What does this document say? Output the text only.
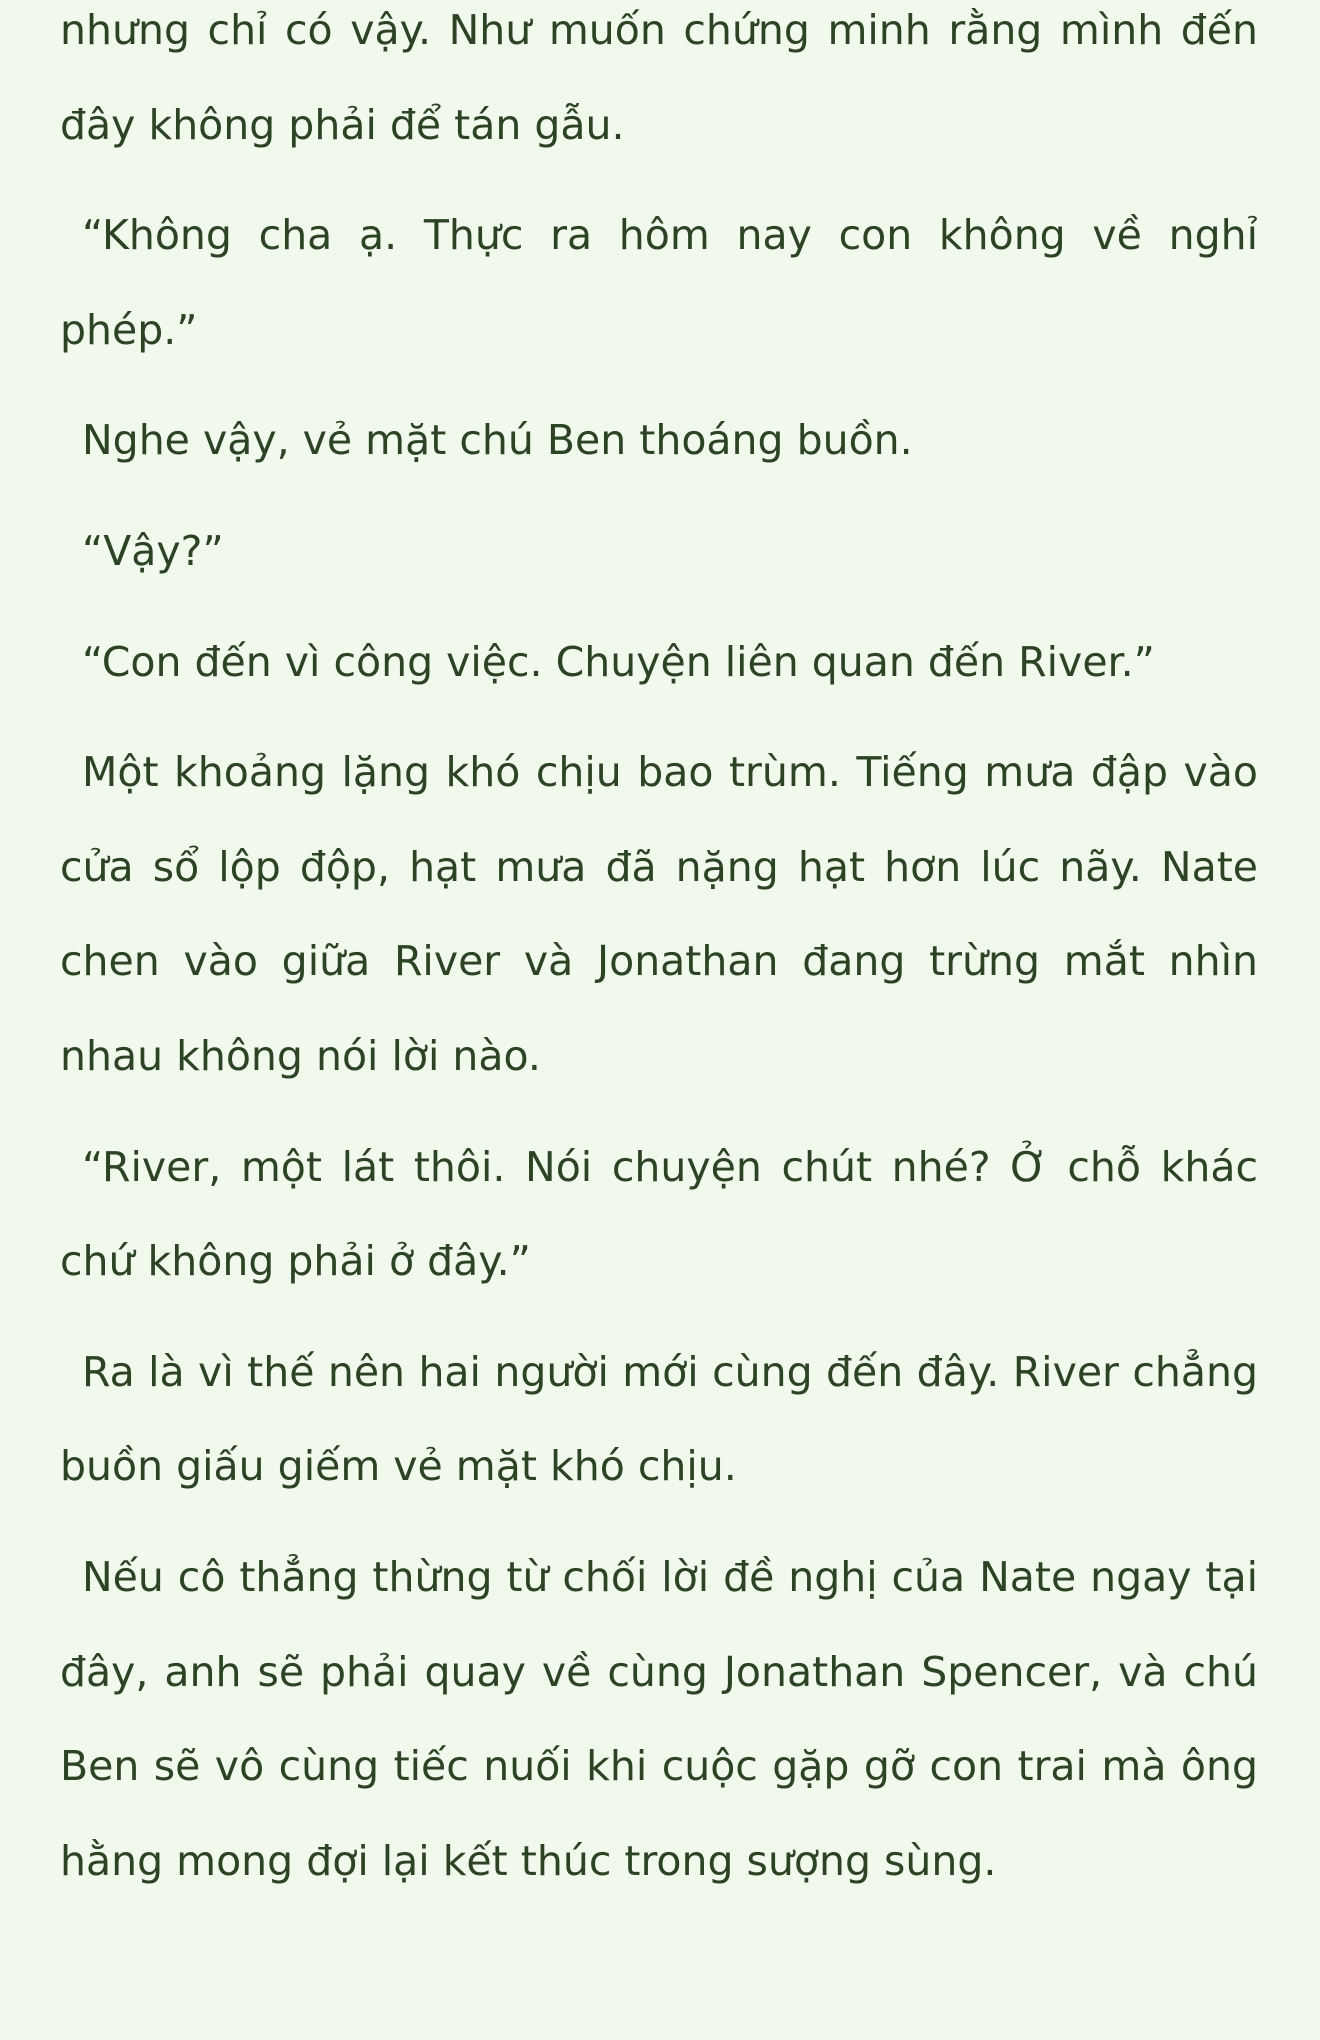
nhưng chỉ có vậy. Như muốn chứng minh rằng mình đến đây không phải để tán gẫu.

“Không cha ạ. Thực ra hôm nay con không về nghỉ phép.”

Nghe vậy, vẻ mặt chú Ben thoáng buồn.

“Vậy?”

“Con đến vì công việc. Chuyện liên quan đến River.”

Một khoảng lặng khó chịu bao trùm. Tiếng mưa đập vào cửa sổ lộp độp, hạt mưa đã nặng hạt hơn lúc nãy. Nate chen vào giữa River và Jonathan đang trừng mắt nhìn nhau không nói lời nào.

“River, một lát thôi. Nói chuyện chút nhé? Ở chỗ khác chứ không phải ở đây.”

Ra là vì thế nên hai người mới cùng đến đây. River chẳng buồn giấu giếm vẻ mặt khó chịu.

Nếu cô thẳng thừng từ chối lời đề nghị của Nate ngay tại đây, anh sẽ phải quay về cùng Jonathan Spencer, và chú Ben sẽ vô cùng tiếc nuối khi cuộc gặp gỡ con trai mà ông hằng mong đợi lại kết thúc trong sượng sùng.
